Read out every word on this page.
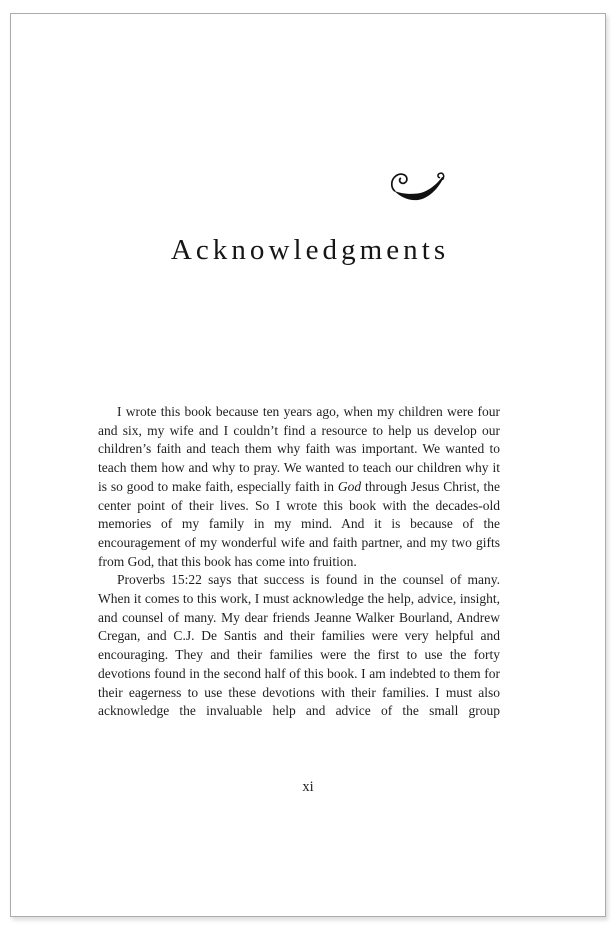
Acknowledgments

I wrote this book because ten years ago, when my children were four and six, my wife and I couldn’t find a resource to help us develop our children’s faith and teach them why faith was important. We wanted to teach them how and why to pray. We wanted to teach our children why it is so good to make faith, especially faith in God through Jesus Christ, the center point of their lives. So I wrote this book with the decades-old memories of my family in my mind. And it is because of the encouragement of my wonderful wife and faith partner, and my two gifts from God, that this book has come into fruition.

Proverbs 15:22 says that success is found in the counsel of many. When it comes to this work, I must acknowledge the help, advice, insight, and counsel of many. My dear friends Jeanne Walker Bourland, Andrew Cregan, and C.J. De Santis and their families were very helpful and encouraging. They and their families were the first to use the forty devotions found in the second half of this book. I am indebted to them for their eagerness to use these devotions with their families. I must also acknowledge the invaluable help and advice of the small group

xi
